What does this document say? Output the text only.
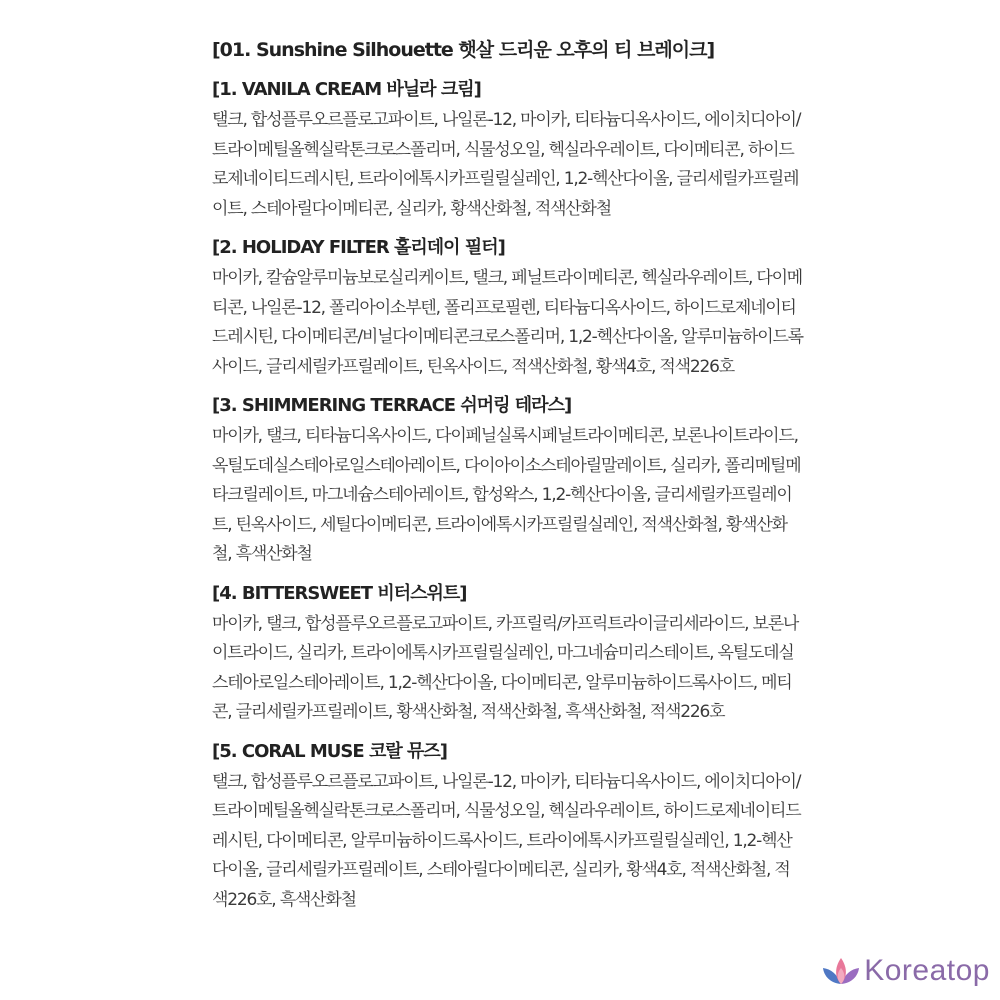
[01. Sunshine Silhouette 햇살 드리운 오후의 티 브레이크]
[1. VANILA CREAM 바닐라 크림]

탤크, 합성플루오르플로고파이트, 나일론-12, 마이카, 티타늄디옥사이드, 에이치디아이/트라이메틸올헥실락톤크로스폴리머, 식물성오일, 헥실라우레이트, 다이메티콘, 하이드로제네이티드레시틴, 트라이에톡시카프릴릴실레인, 1,2-헥산다이올, 글리세릴카프릴레이트, 스테아릴다이메티콘, 실리카, 황색산화철, 적색산화철

[2. HOLIDAY FILTER 홀리데이 필터]

마이카, 칼슘알루미늄보로실리케이트, 탤크, 페닐트라이메티콘, 헥실라우레이트, 다이메티콘, 나일론-12, 폴리아이소부텐, 폴리프로필렌, 티타늄디옥사이드, 하이드로제네이티드레시틴, 다이메티콘/비닐다이메티콘크로스폴리머, 1,2-헥산다이올, 알루미늄하이드록사이드, 글리세릴카프릴레이트, 틴옥사이드, 적색산화철, 황색4호, 적색226호

[3. SHIMMERING TERRACE 쉬머링 테라스]

마이카, 탤크, 티타늄디옥사이드, 다이페닐실록시페닐트라이메티콘, 보론나이트라이드, 옥틸도데실스테아로일스테아레이트, 다이아이소스테아릴말레이트, 실리카, 폴리메틸메타크릴레이트, 마그네슘스테아레이트, 합성왁스, 1,2-헥산다이올, 글리세릴카프릴레이트, 틴옥사이드, 세틸다이메티콘, 트라이에톡시카프릴릴실레인, 적색산화철, 황색산화철, 흑색산화철

[4. BITTERSWEET 비터스위트]

마이카, 탤크, 합성플루오르플로고파이트, 카프릴릭/카프릭트라이글리세라이드, 보론나이트라이드, 실리카, 트라이에톡시카프릴릴실레인, 마그네슘미리스테이트, 옥틸도데실스테아로일스테아레이트, 1,2-헥산다이올, 다이메티콘, 알루미늄하이드록사이드, 메티콘, 글리세릴카프릴레이트, 황색산화철, 적색산화철, 흑색산화철, 적색226호

[5. CORAL MUSE 코랄 뮤즈]

탤크, 합성플루오르플로고파이트, 나일론-12, 마이카, 티타늄디옥사이드, 에이치디아이/트라이메틸올헥실락톤크로스폴리머, 식물성오일, 헥실라우레이트, 하이드로제네이티드레시틴, 다이메티콘, 알루미늄하이드록사이드, 트라이에톡시카프릴릴실레인, 1,2-헥산다이올, 글리세릴카프릴레이트, 스테아릴다이메티콘, 실리카, 황색4호, 적색산화철, 적색226호, 흑색산화철

Koreatop
